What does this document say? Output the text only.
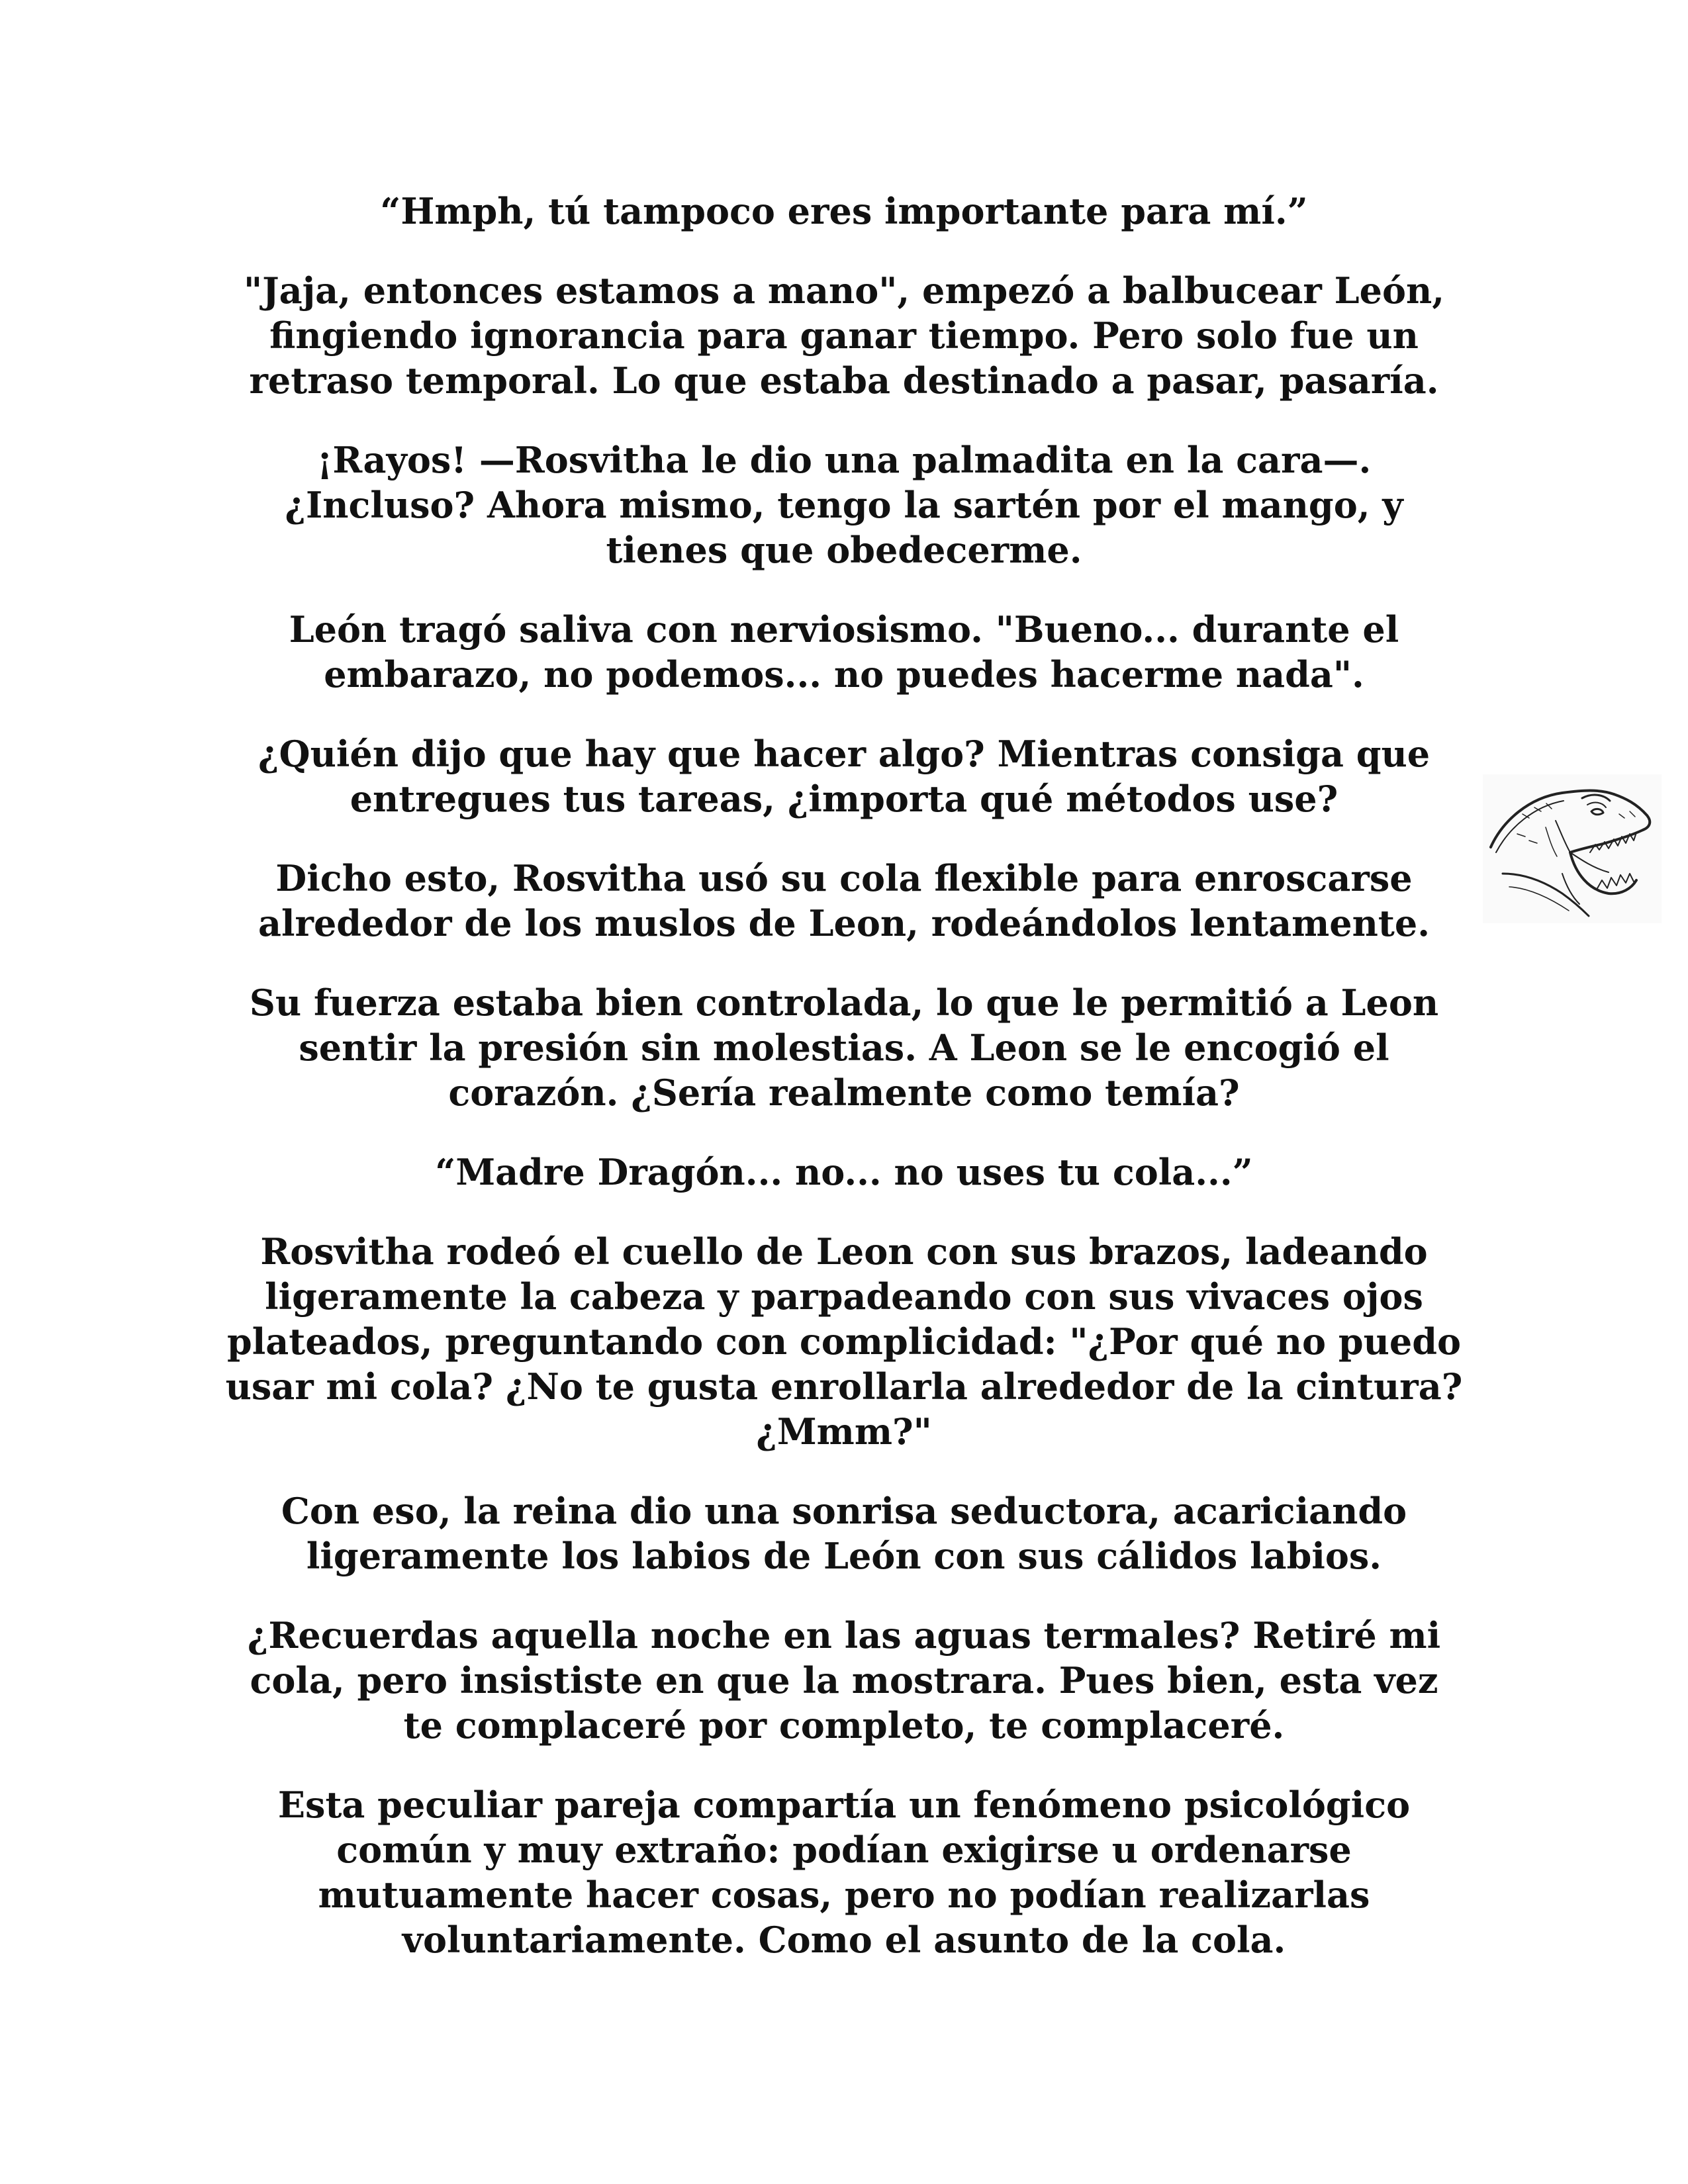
“Hmph, tú tampoco eres importante para mí.”

"Jaja, entonces estamos a mano", empezó a balbucear León, fingiendo ignorancia para ganar tiempo. Pero solo fue un retraso temporal. Lo que estaba destinado a pasar, pasaría.

¡Rayos! —Rosvitha le dio una palmadita en la cara—. ¿Incluso? Ahora mismo, tengo la sartén por el mango, y tienes que obedecerme.

León tragó saliva con nerviosismo. "Bueno... durante el embarazo, no podemos... no puedes hacerme nada".

¿Quién dijo que hay que hacer algo? Mientras consiga que entregues tus tareas, ¿importa qué métodos use?

Dicho esto, Rosvitha usó su cola flexible para enroscarse alrededor de los muslos de Leon, rodeándolos lentamente.

Su fuerza estaba bien controlada, lo que le permitió a Leon sentir la presión sin molestias. A Leon se le encogió el corazón. ¿Sería realmente como temía?

“Madre Dragón... no... no uses tu cola...”

Rosvitha rodeó el cuello de Leon con sus brazos, ladeando ligeramente la cabeza y parpadeando con sus vivaces ojos plateados, preguntando con complicidad: "¿Por qué no puedo usar mi cola? ¿No te gusta enrollarla alrededor de la cintura? ¿Mmm?"

Con eso, la reina dio una sonrisa seductora, acariciando ligeramente los labios de León con sus cálidos labios.

¿Recuerdas aquella noche en las aguas termales? Retiré mi cola, pero insististe en que la mostrara. Pues bien, esta vez te complaceré por completo, te complaceré.

Esta peculiar pareja compartía un fenómeno psicológico común y muy extraño: podían exigirse u ordenarse mutuamente hacer cosas, pero no podían realizarlas voluntariamente. Como el asunto de la cola.
